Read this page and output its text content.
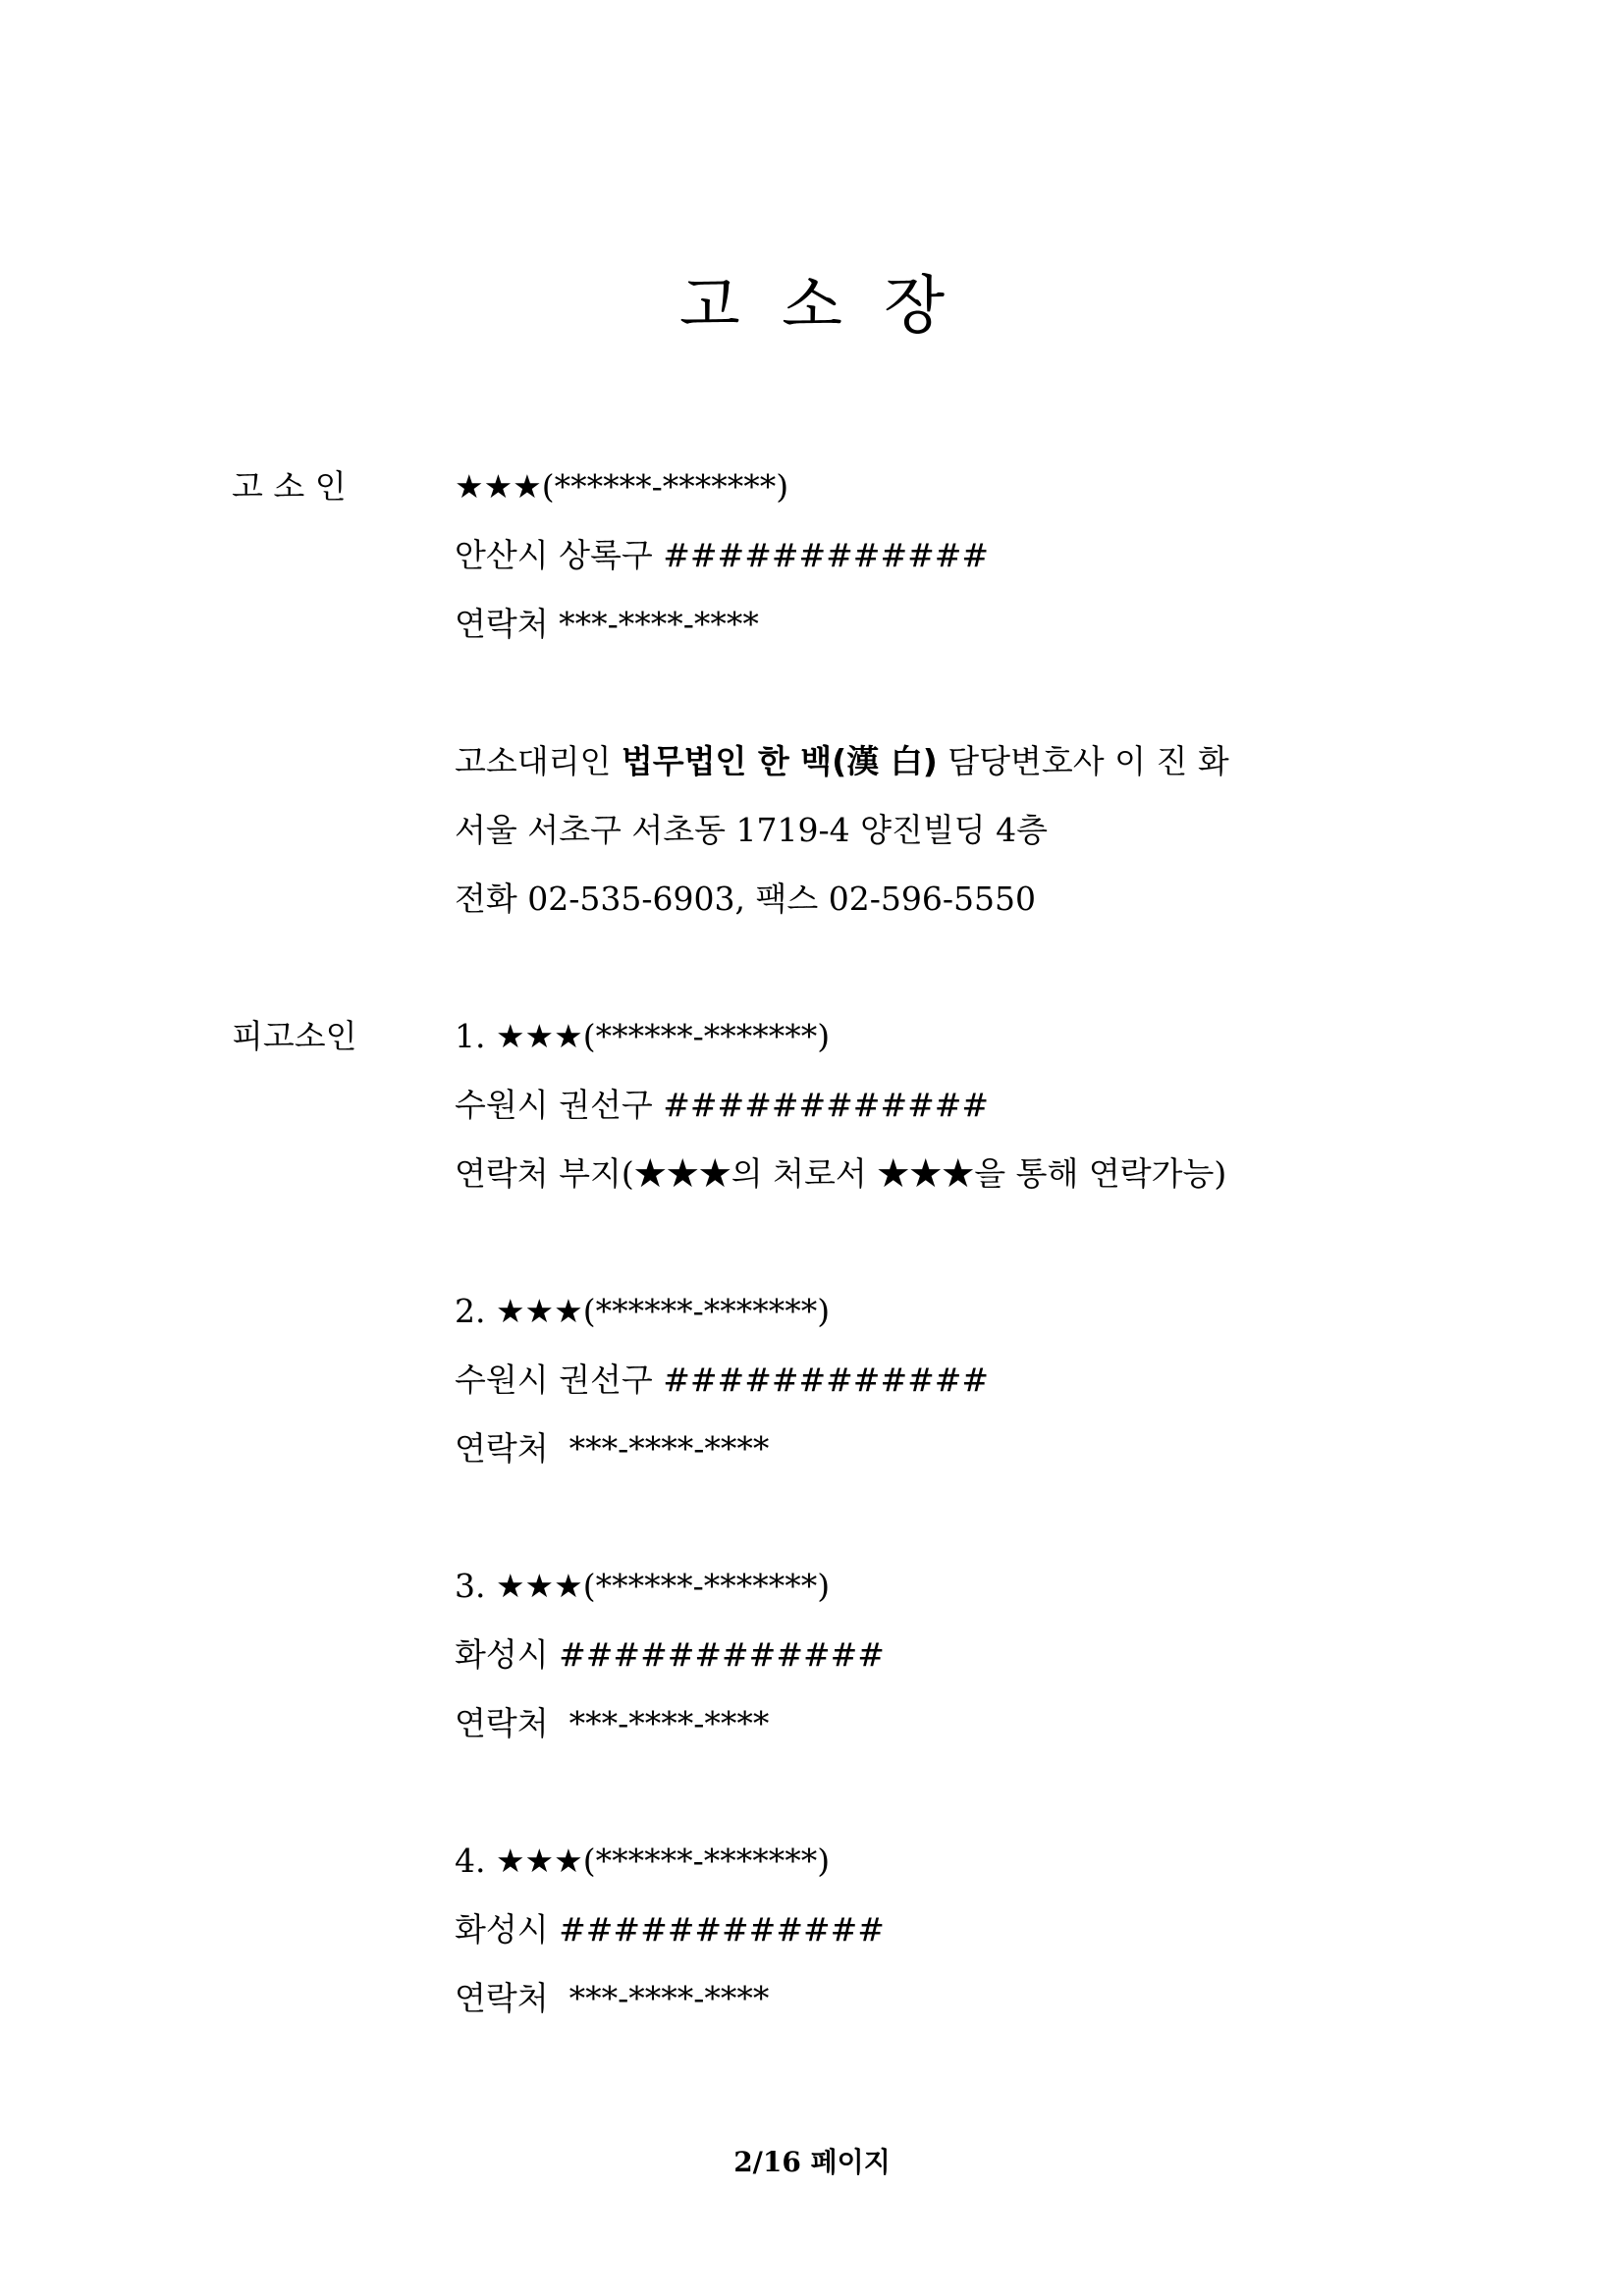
고 소 장
고 소 인	★★★(******-*******)
안산시 상록구 ############
연락처 ***-****-****
고소대리인 법무법인 한 백(漢 白) 담당변호사 이 진 화
서울 서초구 서초동 1719-4 양진빌딩 4층
전화 02-535-6903, 팩스 02-596-5550
피고소인	1. ★★★(******-*******)
수원시 권선구 ############
연락처 부지(★★★의 처로서 ★★★을 통해 연락가능)
2. ★★★(******-*******)
수원시 권선구 ############
연락처  ***-****-****
3. ★★★(******-*******)
화성시 ############
연락처  ***-****-****
4. ★★★(******-*******)
화성시 ############
연락처  ***-****-****
2/16 페이지
